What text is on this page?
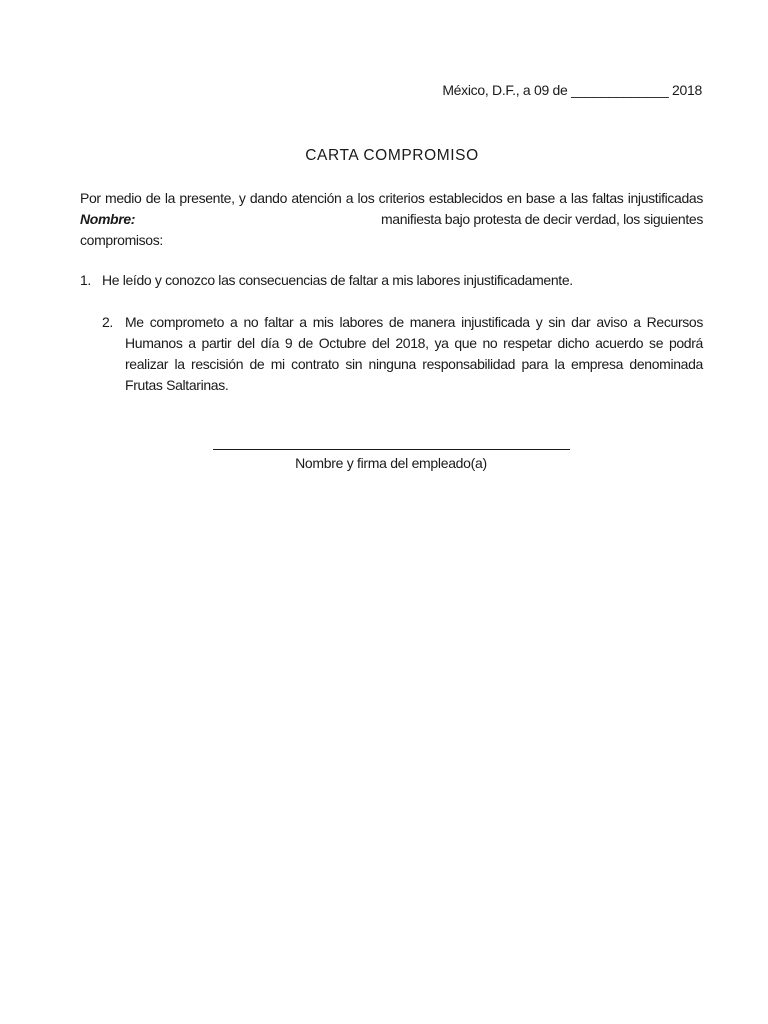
México, D.F., a 09 de _____________ 2018
CARTA COMPROMISO
Por medio de la presente, y dando atención a los criterios establecidos en base a las faltas injustificadas
Nombre:	manifiesta bajo protesta de decir verdad, los siguientes
compromisos:
1. He leído y conozco las consecuencias de faltar a mis labores injustificadamente.
2. Me comprometo a no faltar a mis labores de manera injustificada y sin dar aviso a Recursos Humanos a partir del día 9 de Octubre del 2018, ya que no respetar dicho acuerdo se podrá realizar la rescisión de mi contrato sin ninguna responsabilidad para la empresa denominada Frutas Saltarinas.
Nombre y firma del empleado(a)
